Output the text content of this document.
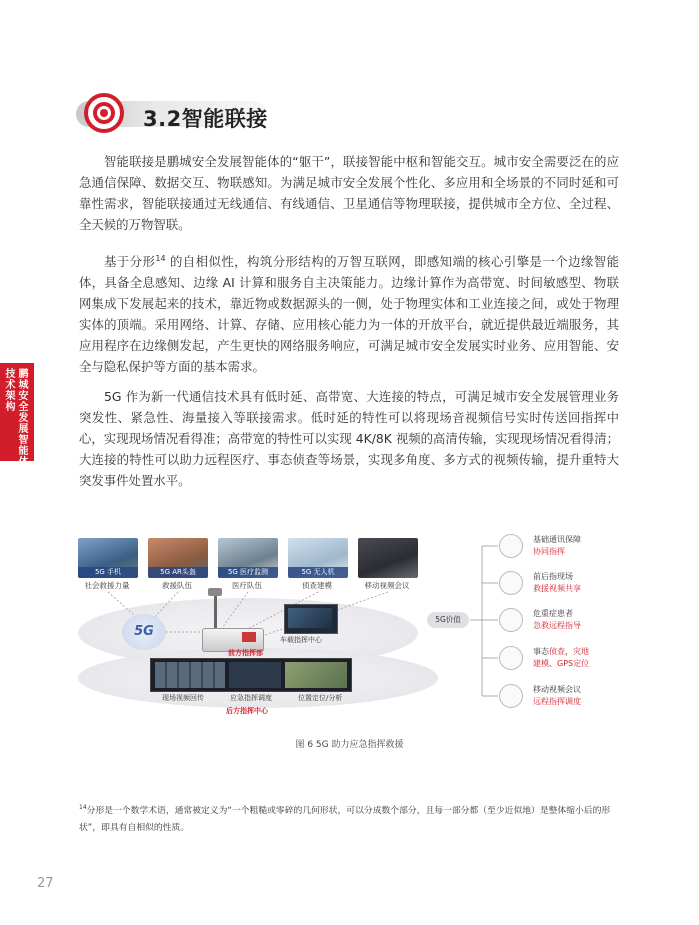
3.2智能联接
鹏城安全发展智能体
技术架构

智能联接是鹏城安全发展智能体的“躯干”，联接智能中枢和智能交互。城市安全需要泛在的应急通信保障、数据交互、物联感知。为满足城市安全发展个性化、多应用和全场景的不同时延和可靠性需求，智能联接通过无线通信、有线通信、卫星通信等物理联接，提供城市全方位、全过程、全天候的万物智联。

基于分形$^{14}$ 的自相似性，构筑分形结构的万智互联网，即感知端的核心引擎是一个边缘智能体，具备全息感知、边缘 AI 计算和服务自主决策能力。边缘计算作为高带宽、时间敏感型、物联网集成下发展起来的技术，靠近物或数据源头的一侧，处于物理实体和工业连接之间，或处于物理实体的顶端。采用网络、计算、存储、应用核心能力为一体的开放平台，就近提供最近端服务，其应用程序在边缘侧发起，产生更快的网络服务响应，可满足城市安全发展实时业务、应用智能、安全与隐私保护等方面的基本需求。

5G 作为新一代通信技术具有低时延、高带宽、大连接的特点，可满足城市安全发展管理业务突发性、紧急性、海量接入等联接需求。低时延的特性可以将现场音视频信号实时传送回指挥中心，实现现场情况看得准；高带宽的特性可以实现 4K/8K 视频的高清传输，实现现场情况看得清；大连接的特性可以助力远程医疗、事态侦查等场景，实现多角度、多方式的视频传输，提升重特大突发事件处置水平。

5G 手机
社会救援力量
5G AR头盔
救援队伍
5G 医疗监测
医疗队伍
5G 无人机
侦查建模	移动视频会议
5G
车载指挥中心
前方指挥部
现场视频回传	应急指挥调度	位置定位/分析
后方指挥中心
5G价值
基础通讯保障
协同指挥
前后指现场
救援视频共享
危重症患者
急救远程指导
事态侦查，灾地
建模、GPS定位
移动视频会议
远程指挥调度
图 6 5G 助力应急指挥救援
$^{14}$分形是一个数学术语，通常被定义为“一个粗糙或零碎的几何形状，可以分成数个部分，且每一部分都（至少近似地）是整体缩小后的形状”，即具有自相似的性质。
27
